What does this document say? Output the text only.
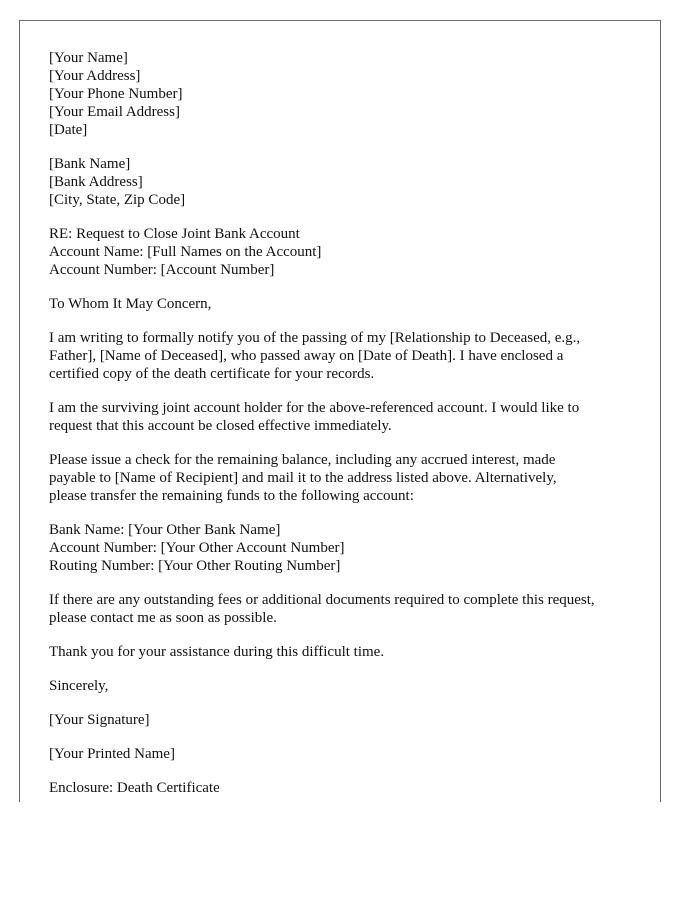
[Your Name]
[Your Address]
[Your Phone Number]
[Your Email Address]
[Date]
[Bank Name]
[Bank Address]
[City, State, Zip Code]
RE: Request to Close Joint Bank Account
Account Name: [Full Names on the Account]
Account Number: [Account Number]
To Whom It May Concern,
I am writing to formally notify you of the passing of my [Relationship to Deceased, e.g.,
Father], [Name of Deceased], who passed away on [Date of Death]. I have enclosed a
certified copy of the death certificate for your records.
I am the surviving joint account holder for the above-referenced account. I would like to
request that this account be closed effective immediately.
Please issue a check for the remaining balance, including any accrued interest, made
payable to [Name of Recipient] and mail it to the address listed above. Alternatively,
please transfer the remaining funds to the following account:
Bank Name: [Your Other Bank Name]
Account Number: [Your Other Account Number]
Routing Number: [Your Other Routing Number]
If there are any outstanding fees or additional documents required to complete this request,
please contact me as soon as possible.
Thank you for your assistance during this difficult time.
Sincerely,
[Your Signature]
[Your Printed Name]
Enclosure: Death Certificate
